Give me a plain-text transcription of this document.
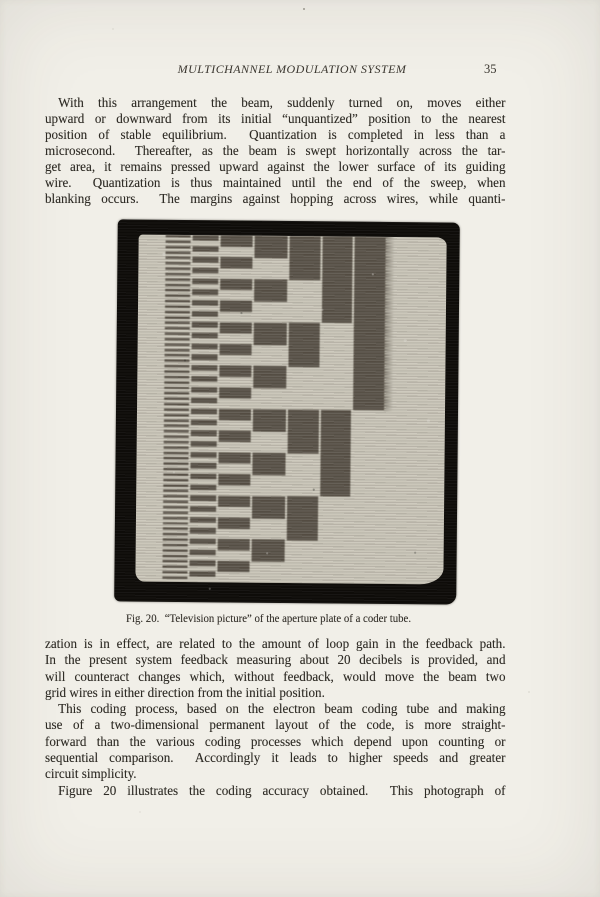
MULTICHANNEL MODULATION SYSTEM	35
With this arrangement the beam, suddenly turned on, moves either
upward or downward from its initial “unquantized” position to the nearest
position of stable equilibrium.  Quantization is completed in less than a
microsecond.  Thereafter, as the beam is swept horizontally across the tar-
get area, it remains pressed upward against the lower surface of its guiding
wire.  Quantization is thus maintained until the end of the sweep, when
blanking occurs.  The margins against hopping across wires, while quanti-
Fig. 20.  “Television picture” of the aperture plate of a coder tube.
zation is in effect, are related to the amount of loop gain in the feedback path.
In the present system feedback measuring about 20 decibels is provided, and
will counteract changes which, without feedback, would move the beam two
grid wires in either direction from the initial position.
This coding process, based on the electron beam coding tube and making
use of a two-dimensional permanent layout of the code, is more straight-
forward than the various coding processes which depend upon counting or
sequential comparison.  Accordingly it leads to higher speeds and greater
circuit simplicity.
Figure 20 illustrates the coding accuracy obtained.  This photograph of
